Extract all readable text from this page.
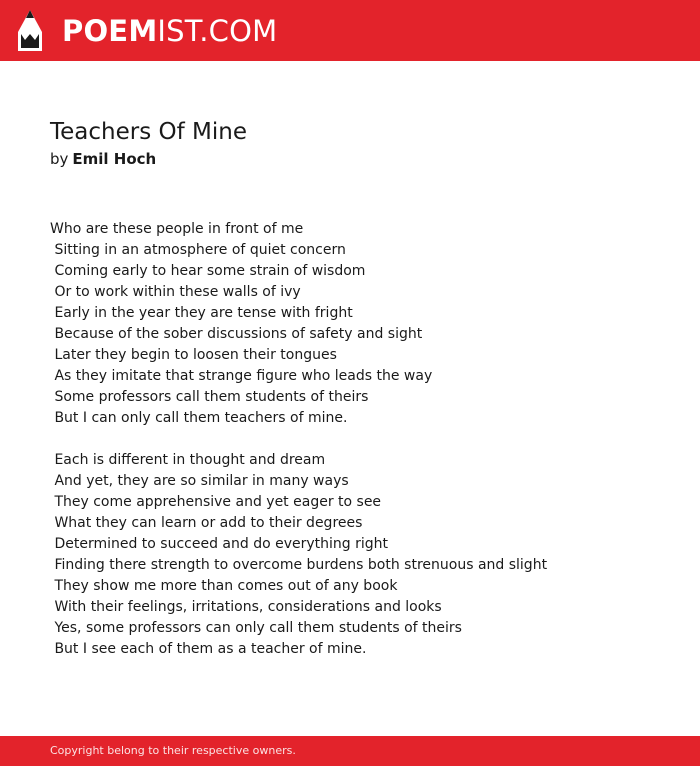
POEMIST.COM
Teachers Of Mine
by Emil Hoch
Who are these people in front of me
Sitting in an atmosphere of quiet concern
Coming early to hear some strain of wisdom
Or to work within these walls of ivy
Early in the year they are tense with fright
Because of the sober discussions of safety and sight
Later they begin to loosen their tongues
As they imitate that strange figure who leads the way
Some professors call them students of theirs
But I can only call them teachers of mine.
Each is different in thought and dream
And yet, they are so similar in many ways
They come apprehensive and yet eager to see
What they can learn or add to their degrees
Determined to succeed and do everything right
Finding there strength to overcome burdens both strenuous and slight
They show me more than comes out of any book
With their feelings, irritations, considerations and looks
Yes, some professors can only call them students of theirs
But I see each of them as a teacher of mine.
Copyright belong to their respective owners.
